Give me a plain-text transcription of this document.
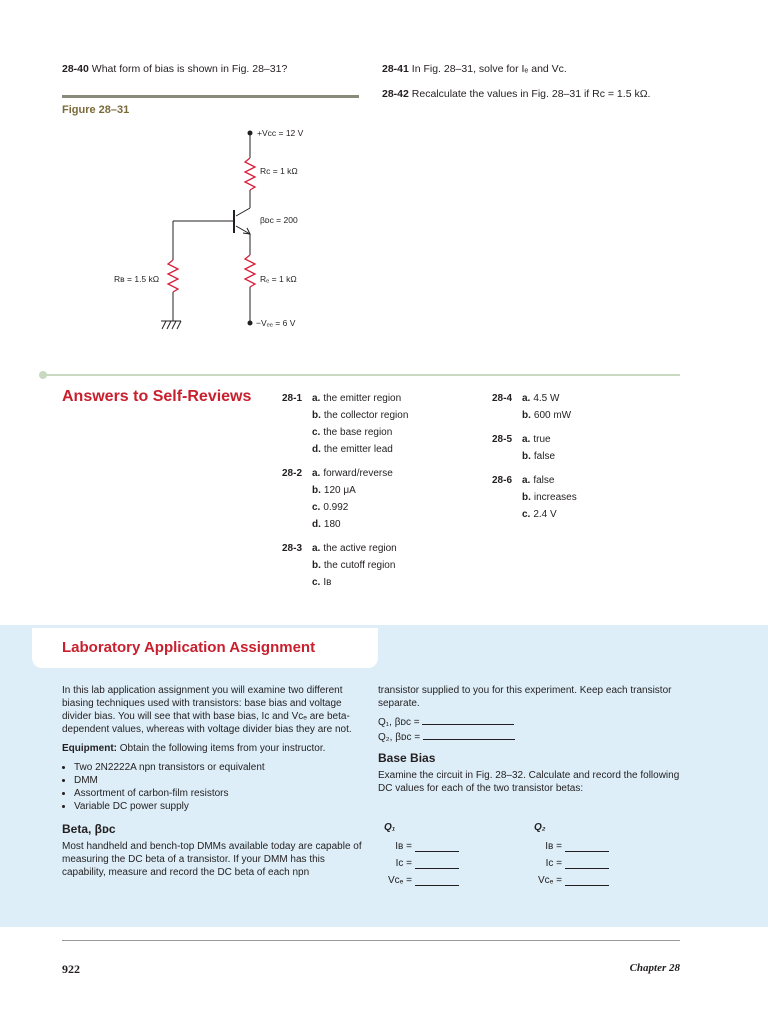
28-40 What form of bias is shown in Fig. 28–31?	28-41 In Fig. 28–31, solve for Iₑ and Vᴄ.
28-42 Recalculate the values in Fig. 28–31 if Rᴄ = 1.5 kΩ.
Figure 28–31
+Vᴄᴄ = 12 V
Rᴄ = 1 kΩ
βᴅᴄ = 200
Rʙ = 1.5 kΩ	Rₑ = 1 kΩ
−Vₑₑ = 6 V
Answers to Self-Reviews	28-1 a. the emitter region
b. the collector region
c. the base region
d. the emitter lead
28-2 a. forward/reverse
b. 120 μA
c. 0.992
d. 180
28-3 a. the active region
b. the cutoff region
c. Iʙ
28-4 a. 4.5 W
b. 600 mW
28-5 a. true
b. false
28-6 a. false
b. increases
c. 2.4 V
Laboratory Application Assignment

In this lab application assignment you will examine two different biasing techniques used with transistors: base bias and voltage divider bias. You will see that with base bias, Iᴄ and Vᴄₑ are beta-dependent values, whereas with voltage divider bias they are not.

Equipment: Obtain the following items from your instructor.

• Two 2N2222A npn transistors or equivalent
• DMM
• Assortment of carbon-film resistors
• Variable DC power supply
Beta, βᴅᴄ

Most handheld and bench-top DMMs available today are capable of measuring the DC beta of a transistor. If your DMM has this capability, measure and record the DC beta of each npn

transistor supplied to you for this experiment. Keep each transistor separate.

Q₁, βᴅᴄ =
Q₂, βᴅᴄ =
Base Bias

Examine the circuit in Fig. 28–32. Calculate and record the following DC values for each of the two transistor betas:

Q₁
Iʙ =
Iᴄ =
Vᴄₑ =
Q₂
Iʙ =
Iᴄ =
Vᴄₑ =
922	Chapter 28
